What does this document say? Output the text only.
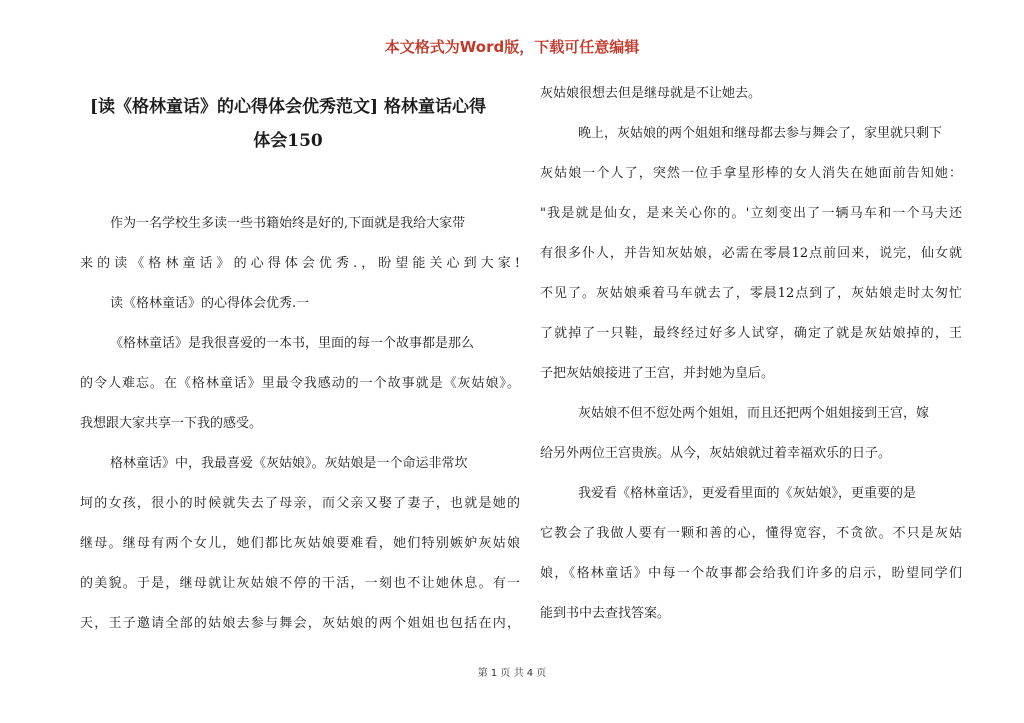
本文格式为Word版，下载可任意编辑
[读《格林童话》的心得体会优秀范文] 格林童话心得
体会150
作为一名学校生多读一些书籍始终是好的,下面就是我给大家带
来的读《格林童话》的心得体会优秀.，盼望能关心到大家!
读《格林童话》的心得体会优秀.一
《格林童话》是我很喜爱的一本书，里面的每一个故事都是那么
的令人难忘。在《格林童话》里最令我感动的一个故事就是《灰姑娘》。
我想跟大家共享一下我的感受。
格林童话》中，我最喜爱《灰姑娘》。灰姑娘是一个命运非常坎
坷的女孩，很小的时候就失去了母亲，而父亲又娶了妻子，也就是她的
继母。继母有两个女儿，她们都比灰姑娘要难看，她们特别嫉妒灰姑娘
的美貌。于是，继母就让灰姑娘不停的干活，一刻也不让她休息。有一
天，王子邀请全部的姑娘去参与舞会，灰姑娘的两个姐姐也包括在内，
灰姑娘很想去但是继母就是不让她去。
晚上，灰姑娘的两个姐姐和继母都去参与舞会了，家里就只剩下
灰姑娘一个人了，突然一位手拿星形棒的女人消失在她面前告知她：
"我是就是仙女，是来关心你的。'立刻变出了一辆马车和一个马夫还
有很多仆人，并告知灰姑娘，必需在零晨12点前回来，说完，仙女就
不见了。灰姑娘乘着马车就去了，零晨12点到了，灰姑娘走时太匆忙
了就掉了一只鞋，最终经过好多人试穿，确定了就是灰姑娘掉的，王
子把灰姑娘接进了王宫，并封她为皇后。
灰姑娘不但不愆处两个姐姐，而且还把两个姐姐接到王宫，嫁
给另外两位王宫贵族。从今，灰姑娘就过着幸福欢乐的日子。
我爱看《格林童话》，更爱看里面的《灰姑娘》，更重要的是
它教会了我做人要有一颗和善的心，懂得宽容，不贪欲。不只是灰姑
娘，《格林童话》中每一个故事都会给我们许多的启示，盼望同学们
能到书中去查找答案。
第 1 页 共 4 页
